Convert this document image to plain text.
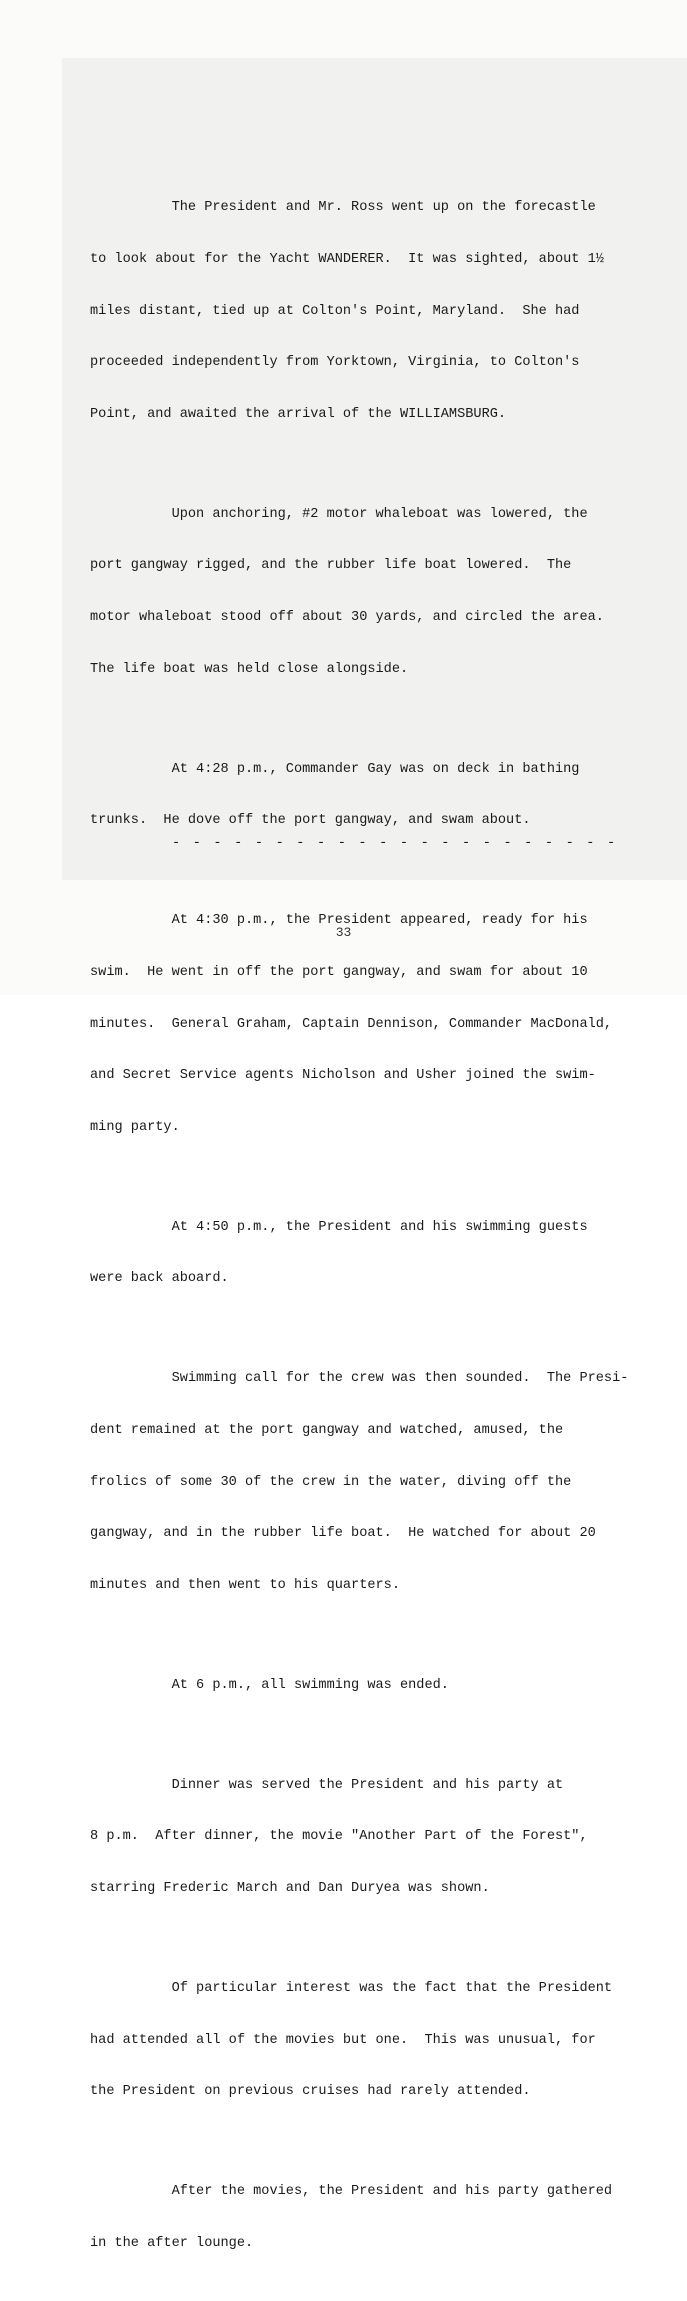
The President and Mr. Ross went up on the forecastle

to look about for the Yacht WANDERER.  It was sighted, about 1½

miles distant, tied up at Colton's Point, Maryland.  She had

proceeded independently from Yorktown, Virginia, to Colton's

Point, and awaited the arrival of the WILLIAMSBURG.

Upon anchoring, #2 motor whaleboat was lowered, the

port gangway rigged, and the rubber life boat lowered.  The

motor whaleboat stood off about 30 yards, and circled the area.

The life boat was held close alongside.

At 4:28 p.m., Commander Gay was on deck in bathing

trunks.  He dove off the port gangway, and swam about.

At 4:30 p.m., the President appeared, ready for his

swim.  He went in off the port gangway, and swam for about 10

minutes.  General Graham, Captain Dennison, Commander MacDonald,

and Secret Service agents Nicholson and Usher joined the swim-

ming party.

At 4:50 p.m., the President and his swimming guests

were back aboard.

Swimming call for the crew was then sounded.  The Presi-

dent remained at the port gangway and watched, amused, the

frolics of some 30 of the crew in the water, diving off the

gangway, and in the rubber life boat.  He watched for about 20

minutes and then went to his quarters.

At 6 p.m., all swimming was ended.

Dinner was served the President and his party at

8 p.m.  After dinner, the movie "Another Part of the Forest",

starring Frederic March and Dan Duryea was shown.

Of particular interest was the fact that the President

had attended all of the movies but one.  This was unusual, for

the President on previous cruises had rarely attended.

After the movies, the President and his party gathered

in the after lounge.

- - - - - - - - - - - - - - - - - - - - - -
33
